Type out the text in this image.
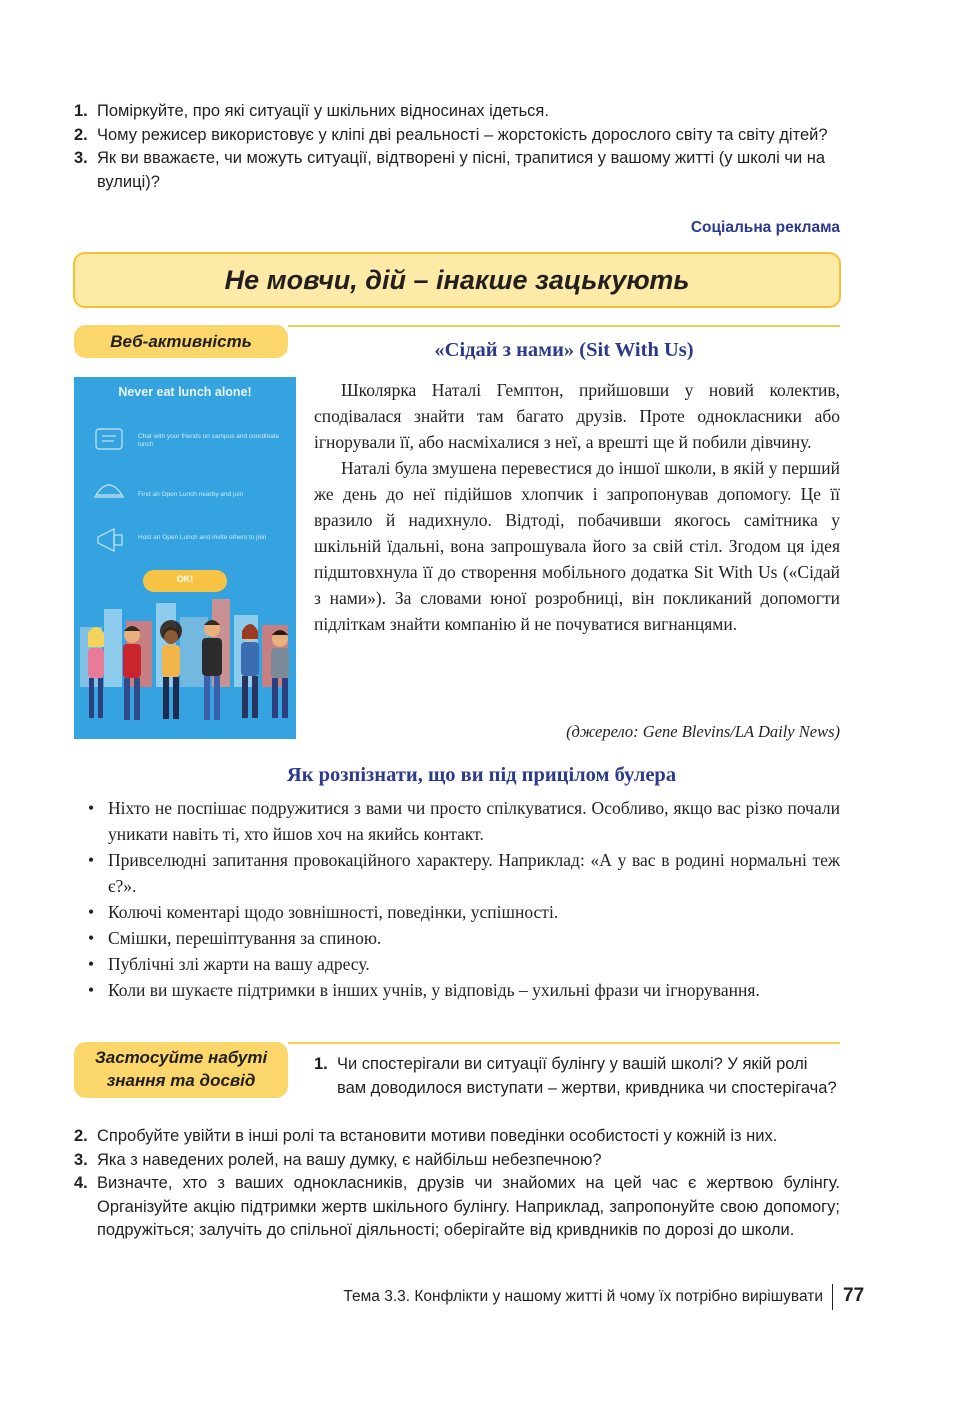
1. Поміркуйте, про які ситуації у шкільних відносинах ідеться.
2. Чому режисер використовує у кліпі дві реальності – жорстокість дорослого світу та світу дітей?
3. Як ви вважаєте, чи можуть ситуації, відтворені у пісні, трапитися у вашому житті (у школі чи на вулиці)?
Соціальна реклама
Не мовчи, дій – інакше зацькують
Веб-активність	«Сідай з нами» (Sit With Us)
Never eat lunch alone!
Chat with your friends on campus and coordinate lunch
Find an Open Lunch nearby and join
Host an Open Lunch and invite others to join
OK!

Школярка Наталі Гемптон, прийшовши у новий колектив, сподівалася знайти там багато друзів. Проте однокласники або ігнорували її, або насміхалися з неї, а врешті ще й побили дівчину.

Наталі була змушена перевестися до іншої школи, в якій у перший же день до неї підійшов хлопчик і запропонував допомогу. Це її вразило й надихнуло. Відтоді, побачивши якогось самітника у шкільній їдальні, вона запрошувала його за свій стіл. Згодом ця ідея підштовхнула її до створення мобільного додатка Sit With Us («Сідай з нами»). За словами юної розробниці, він покликаний допомогти підліткам знайти компанію й не почуватися вигнанцями.

(джерело: Gene Blevins/LA Daily News)
Як розпізнати, що ви під прицілом булера
• Ніхто не поспішає подружитися з вами чи просто спілкуватися. Особливо, якщо вас різко почали уникати навіть ті, хто йшов хоч на якийсь контакт.
• Привселюдні запитання провокаційного характеру. Наприклад: «А у вас в родині нормальні теж є?».
• Колючі коментарі щодо зовнішності, поведінки, успішності.
• Смішки, перешіптування за спиною.
• Публічні злі жарти на вашу адресу.
• Коли ви шукаєте підтримки в інших учнів, у відповідь – ухильні фрази чи ігнорування.
Застосуйте набуті знання та досвід
1. Чи спостерігали ви ситуації булінгу у вашій школі? У якій ролі вам доводилося виступати – жертви, кривдника чи спостерігача?
2. Спробуйте увійти в інші ролі та встановити мотиви поведінки особистості у кожній із них.
3. Яка з наведених ролей, на вашу думку, є найбільш небезпечною?
4. Визначте, хто з ваших однокласників, друзів чи знайомих на цей час є жертвою булінгу. Організуйте акцію підтримки жертв шкільного булінгу. Наприклад, запропонуйте свою допомогу; подружіться; залучіть до спільної діяльності; оберігайте від кривдників по дорозі до школи.
Тема 3.3. Конфлікти у нашому житті й чому їх потрібно вирішувати 77
